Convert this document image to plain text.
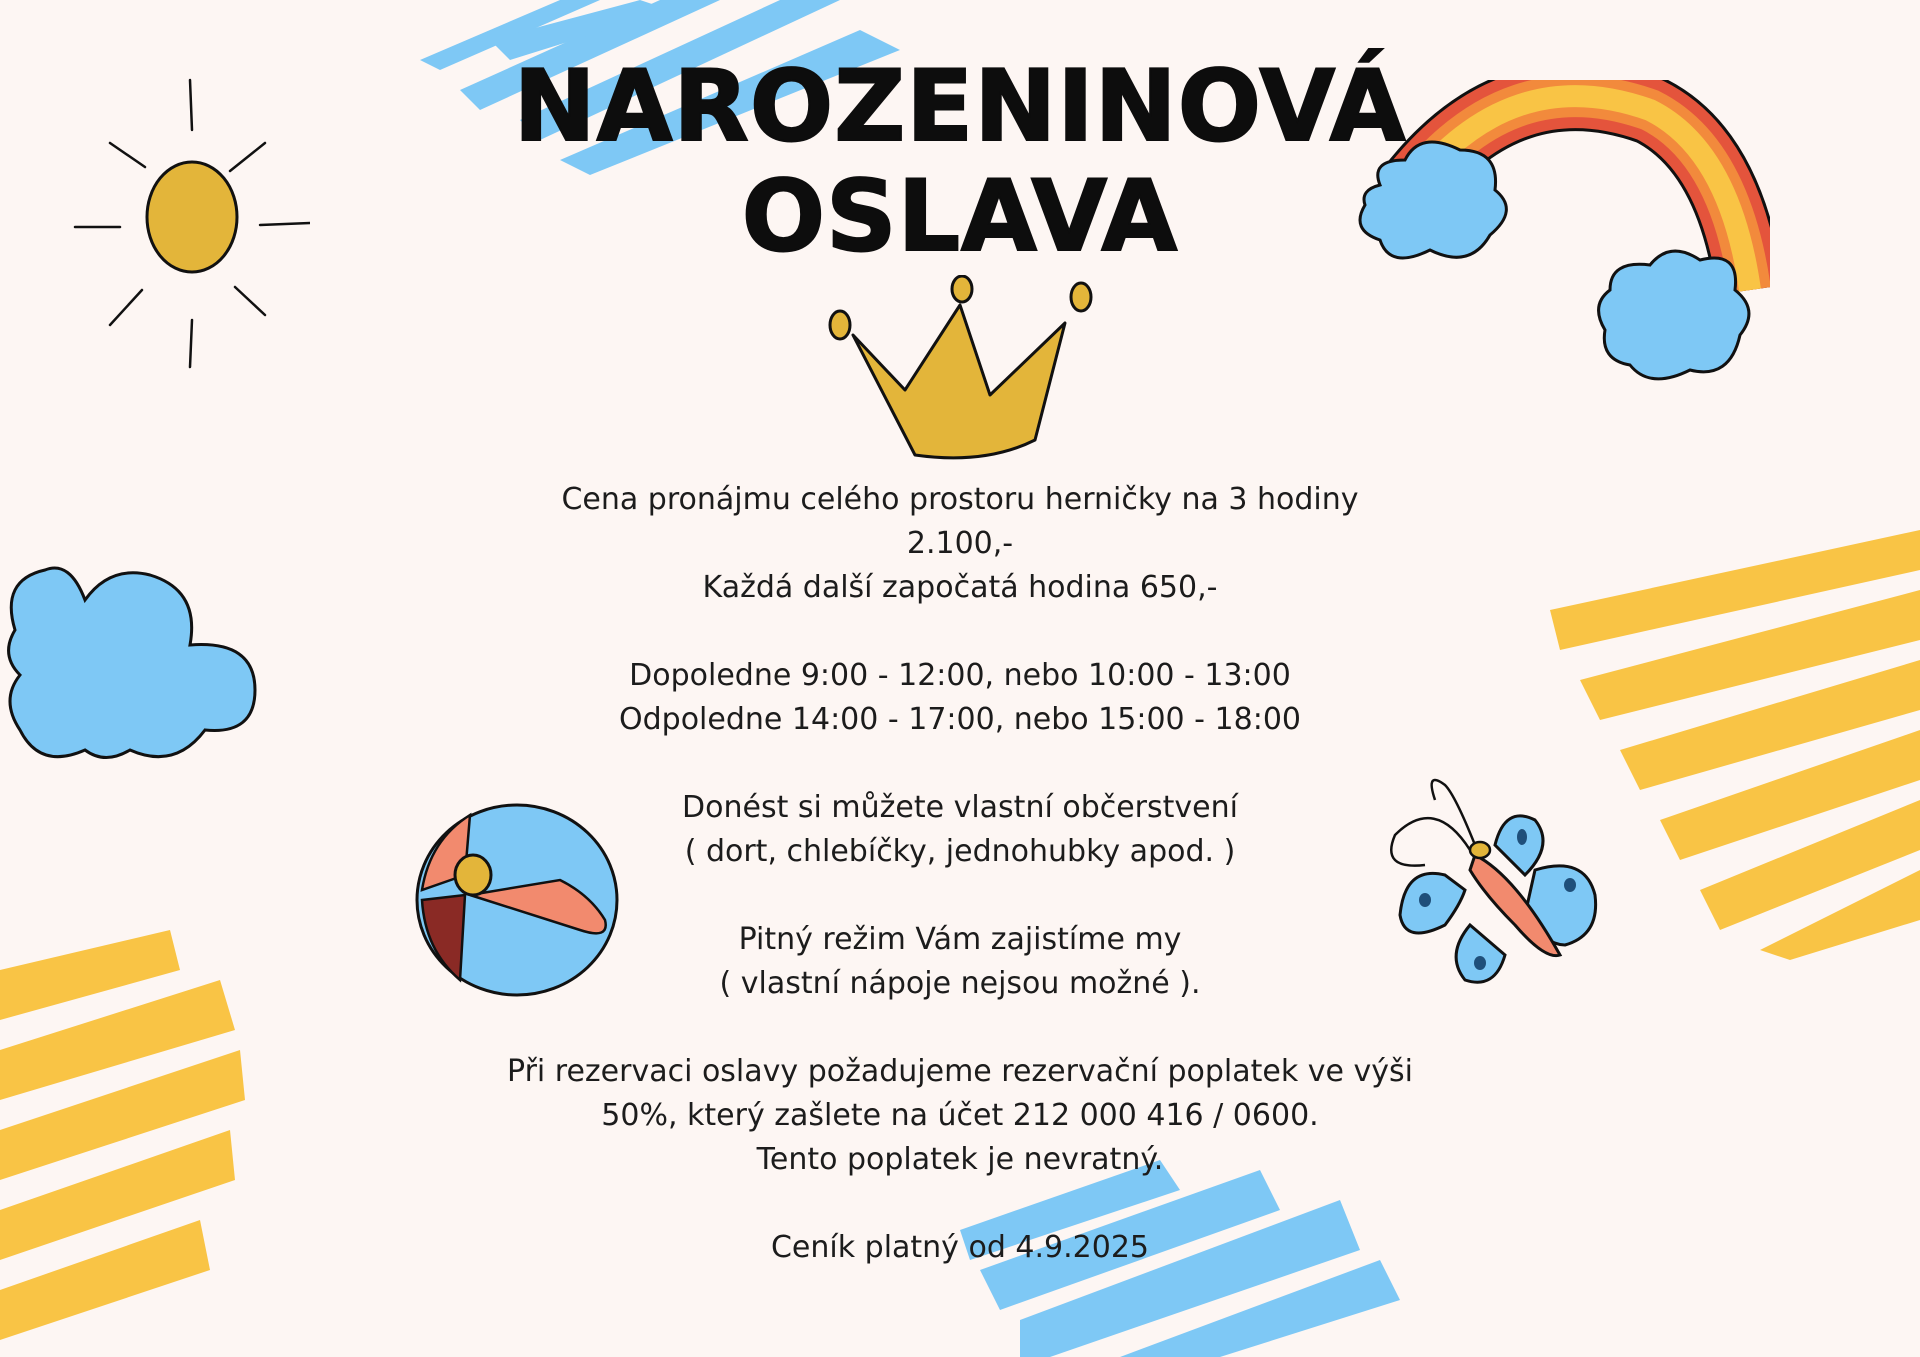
NAROZENINOVÁ
OSLAVA
Cena pronájmu celého prostoru herničky na 3 hodiny
2.100,-
Každá další započatá hodina 650,-
Dopoledne 9:00 - 12:00, nebo 10:00 - 13:00
Odpoledne 14:00 - 17:00, nebo 15:00 - 18:00
Donést si můžete vlastní občerstvení
( dort, chlebíčky, jednohubky apod. )
Pitný režim Vám zajistíme my
( vlastní nápoje nejsou možné ).
Při rezervaci oslavy požadujeme rezervační poplatek ve výši
50%, který zašlete na účet 212 000 416 / 0600.
Tento poplatek je nevratný.
Ceník platný od 4.9.2025
